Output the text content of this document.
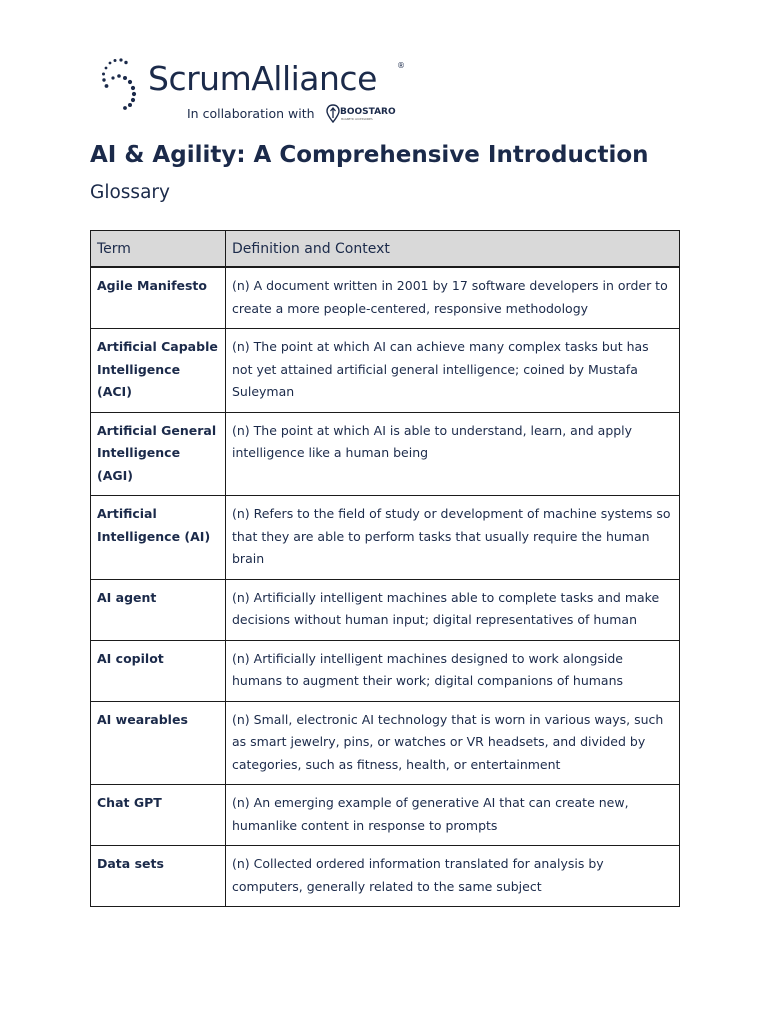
ScrumAlliance	®
In collaboration with	BOOSTARO
MAGNETIC ACCESSORIES
AI & Agility: A Comprehensive Introduction
Glossary
Term	Definition and Context
Agile Manifesto	(n) A document written in 2001 by 17 software developers in order to create a more people-centered, responsive methodology
Artificial Capable Intelligence (ACI)	(n) The point at which AI can achieve many complex tasks but has not yet attained artificial general intelligence; coined by Mustafa Suleyman
Artificial General Intelligence (AGI)	(n) The point at which AI is able to understand, learn, and apply intelligence like a human being
Artificial Intelligence (AI)	(n) Refers to the field of study or development of machine systems so that they are able to perform tasks that usually require the human brain
AI agent	(n) Artificially intelligent machines able to complete tasks and make decisions without human input; digital representatives of human
AI copilot	(n) Artificially intelligent machines designed to work alongside humans to augment their work; digital companions of humans
AI wearables	(n) Small, electronic AI technology that is worn in various ways, such as smart jewelry, pins, or watches or VR headsets, and divided by categories, such as fitness, health, or entertainment
Chat GPT	(n) An emerging example of generative AI that can create new, humanlike content in response to prompts
Data sets	(n) Collected ordered information translated for analysis by computers, generally related to the same subject
